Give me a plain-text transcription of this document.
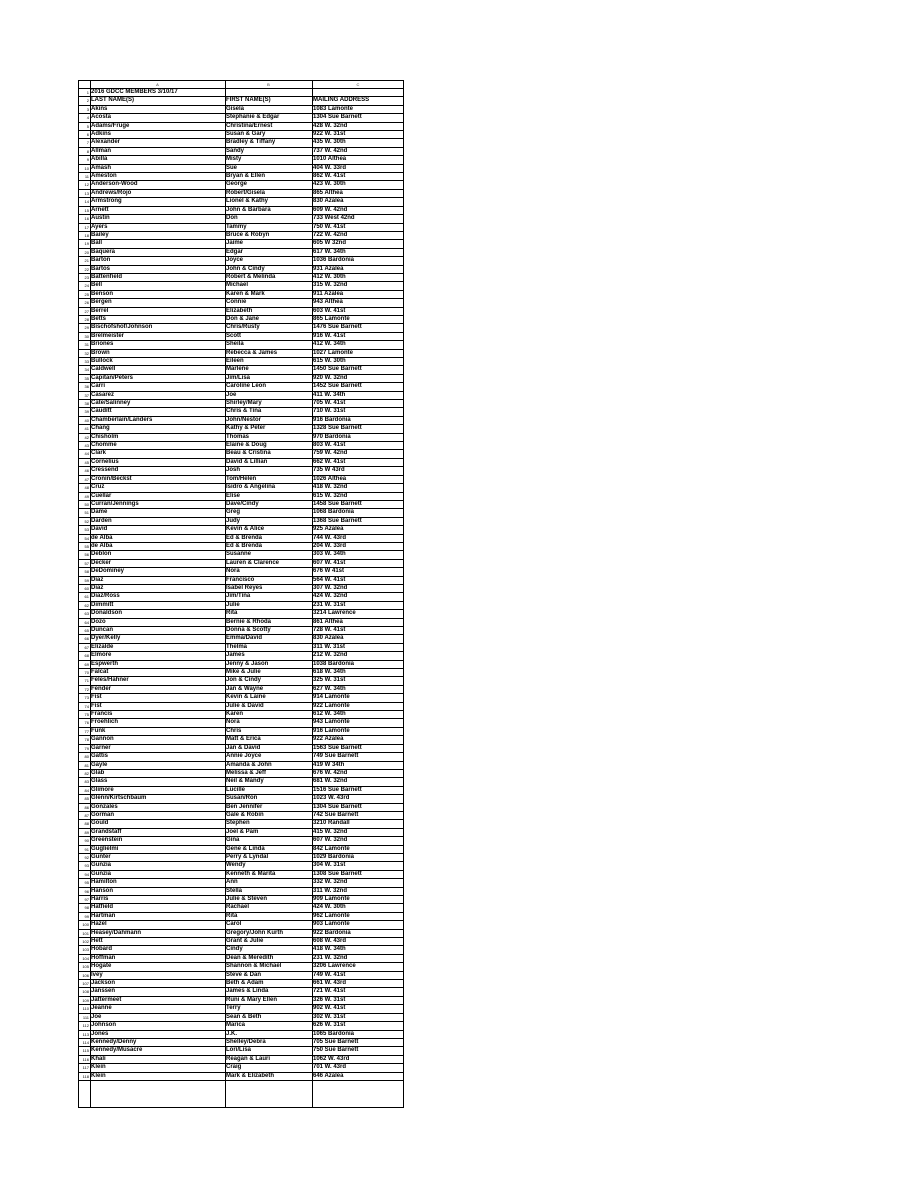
A	B	C
1 2016 GDCC MEMBERS 3/10/17
2 LAST NAME(S)	FIRST NAME(S)	MAILING ADDRESS
3 Akins	Gisela	1083 Lamonte
4 Acosta	Stephanie & Edgar	1304 Sue Barnett
5 Adams/Fruge	Christina/Ernest	428 W. 32nd
6 Adkins	Susan & Gary	922 W. 31st
7 Alexander	Bradley & Tiffany	435 W. 30th
8 Allman	Sandy	737 W. 42nd
9 Abilla	Misty	1010 Althea
10 Amash	Sue	404 W. 33rd
11 Ameston	Bryan & Ellen	862 W. 41st
12 Anderson-Wood	George	423 W. 30th
13 Andrews/Rojo	Robert/Gisela	865 Althea
14 Armstrong	Lionel & Kathy	830 Azalea
15 Arnett	John & Barbara	609 W. 42nd
16 Austin	Don	733 West 42nd
17 Ayers	Tammy	750 W. 41st
18 Bailey	Bruce & Robyn	722 W. 42nd
19 Ball	Jaime	605 W 32nd
20 Baquera	Edgar	617 W. 34th
21 Barton	Joyce	1036 Bardonia
22 Bartos	John & Cindy	931 Azalea
23 Battenfield	Robert & Melinda	412 W. 30th
24 Bell	Michael	315 W. 32nd
25 Benson	Karen & Mark	911 Azalea
26 Bergen	Connie	943 Althea
27 Berrel	Elizabeth	603 W. 41st
28 Betts	Don & Jane	865 Lamonte
29 Bischofshof/Johnson	Chris/Rusty	1476 Sue Barnett
30 Brelmeister	Scott	916 W. 41st
31 Briones	Sheila	412 W. 34th
32 Brown	Rebecca & James	1027 Lamonte
33 Bullock	Eileen	615 W. 30th
34 Caldwell	Marlene	1450 Sue Barnett
35 Capitan/Peters	Jim/Lisa	920 W. 32nd
36 Carri	Caroline Leon	1452 Sue Barnett
37 Casarez	Joe	411 W. 34th
38 Cate/Salinney	Shirley/Mary	705 W. 41st
39 Cauditt	Chris & Tina	710 W. 31st
40 Chamberlain/Landers	John/Nestor	916 Bardonia
41 Chang	Kathy & Peter	1328 Sue Barnett
42 Chisholm	Thomas	970 Bardonia
43 Chomme	Elaine & Doug	803 W. 41st
44 Clark	Beau & Cristina	759 W. 42nd
45 Cornelius	David & Lillian	662 W. 41st
46 Cressend	Josh	735 W 43rd
47 Cronin/Beckst	Tom/Helen	1026 Althea
48 Cruz	Isidro & Angelina	418 W. 32nd
49 Cuellar	Elise	615 W. 32nd
50 Curran/Jennings	Dave/Cindy	1458 Sue Barnett
51 Dame	Greg	1068 Bardonia
52 Darden	Judy	1368 Sue Barnett
53 David	Kevin & Alice	925 Azalea
54 de Alba	Ed & Brenda	744 W. 43rd
55 de Alba	Ed & Brenda	204 W. 33rd
56 Deblon	Susanne	303 W. 34th
57 Decker	Lauren & Clarence	607 W. 41st
58 DeDominey	Nora	676 W 41st
59 Diaz	Francisco	564 W. 41st
60 Diaz	Isabel Reyes	307 W. 32nd
61 Diaz/Ross	Jim/Tina	424 W. 32nd
62 Dimmitt	Julie	231 W. 31st
63 Donaldson	Rita	3214 Lawrence
64 Dozo	Bernie & Rhoda	861 Althea
65 Duncan	Donna & Scotty	728 W. 41st
66 Dyer/Kelly	Emma/David	830 Azalea
67 Elizalde	Thelma	311 W. 31st
68 Elmore	James	212 W. 32nd
69 Espwerth	Jenny & Jason	1038 Bardonia
70 Falcat	Mike & Julie	618 W. 34th
71 Feles/Hahner	Jon & Cindy	325 W. 31st
72 Fender	Jan & Wayne	627 W. 34th
73 Fist	Kevin & Laine	914 Lamonte
74 Fist	Julie & David	922 Lamonte
75 Francis	Karen	612 W. 34th
76 Froehlich	Nora	943 Lamonte
77 Funk	Chris	916 Lamonte
78 Gannon	Matt & Erica	922 Azalea
79 Garner	Jan & David	1563 Sue Barnett
80 Gattis	Annie Joyce	749 Sue Barnett
81 Gayle	Amanda & John	419 W 34th
82 Glab	Melissa & Jeff	676 W. 42nd
83 Glass	Neil & Mandy	681 W. 32nd
84 Glimore	Lucille	1516 Sue Barnett
85 Glenn/Kirtschbaum	Susan/Ron	1023 W. 43rd
86 Gonzales	Ben Jennifer	1304 Sue Barnett
87 Gorman	Gale & Robin	742 Sue Barnett
88 Gould	Stephen	3210 Randall
89 Grandstaff	Joel & Pam	415 W. 32nd
90 Greenstein	Gina	607 W. 32nd
91 Guglielmi	Gene & Linda	842 Lamonte
92 Gunter	Perry & Lyndal	1029 Bardonia
93 Gunzia	Wendy	304 W. 31st
94 Gunzia	Kenneth & Marita	1308 Sue Barnett
95 Hamilton	Ann	332 W. 32nd
96 Hanson	Stella	311 W. 32nd
97 Harris	Julie & Steven	909 Lamonte
98 Hatfield	Rachael	424 W. 30th
99 Hartman	Rita	962 Lamonte
100 Hazel	Carol	903 Lamonte
101 Heasey/Dahmann	Gregory/John Kurth	922 Bardonia
102 Hett	Grant & Julie	608 W. 43rd
103 Hobard	Cindy	418 W. 34th
104 Hoffman	Dean & Meredith	231 W. 32nd
105 Hogate	Shannon & Michael	3206 Lawrence
106 Ivey	Steve & Dan	749 W. 41st
107 Jackson	Beth & Adam	661 W. 43rd
108 Janssen	James & Linda	721 W. 41st
109 Jattermeet	Runi & Mary Ellen	326 W. 31st
110 Jeanne	Terry	902 W. 41st
111 Joe	Sean & Beth	302 W. 31st
112 Johnson	Marica	626 W. 31st
113 Jones	J.K.	1065 Bardonia
114 Kennedy/Denny	Shelley/Debra	705 Sue Barnett
115 Kennedy/Musacre	Lori/Lisa	750 Sue Barnett
116 Khali	Reagan & Lauri	1062 W. 43rd
117 Klein	Craig	701 W. 43rd
118 Klein	Mark & Elizabeth	646 Azalea
